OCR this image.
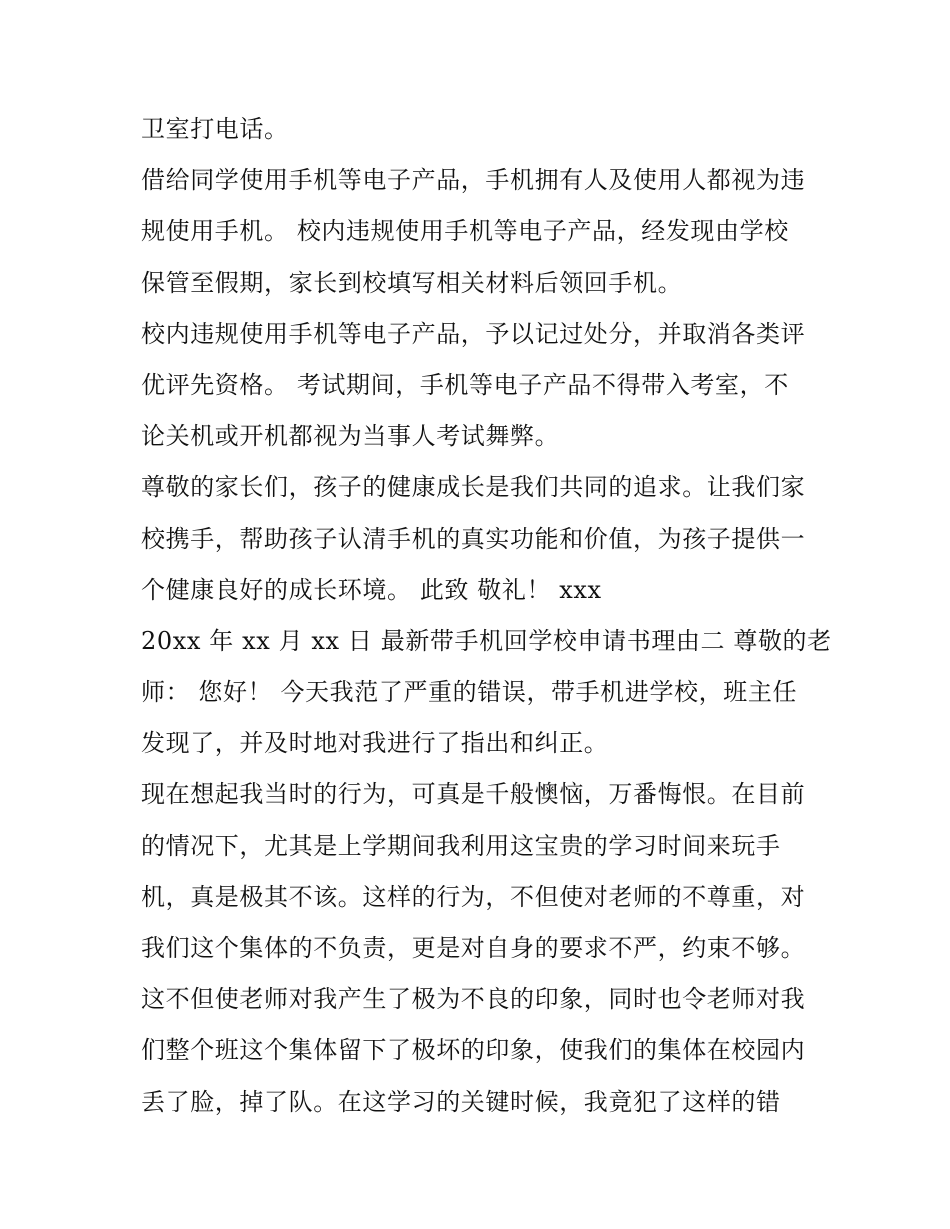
卫室打电话。
借给同学使用手机等电子产品，手机拥有人及使用人都视为违
规使用手机。 校内违规使用手机等电子产品，经发现由学校
保管至假期，家长到校填写相关材料后领回手机。
校内违规使用手机等电子产品，予以记过处分，并取消各类评
优评先资格。 考试期间，手机等电子产品不得带入考室，不
论关机或开机都视为当事人考试舞弊。
尊敬的家长们，孩子的健康成长是我们共同的追求。让我们家
校携手，帮助孩子认清手机的真实功能和价值，为孩子提供一
个健康良好的成长环境。 此致 敬礼！ xxx
20xx 年 xx 月 xx 日 最新带手机回学校申请书理由二 尊敬的老
师： 您好！ 今天我范了严重的错误，带手机进学校，班主任
发现了，并及时地对我进行了指出和纠正。
现在想起我当时的行为，可真是千般懊恼，万番悔恨。在目前
的情况下，尤其是上学期间我利用这宝贵的学习时间来玩手
机，真是极其不该。这样的行为，不但使对老师的不尊重，对
我们这个集体的不负责，更是对自身的要求不严，约束不够。
这不但使老师对我产生了极为不良的印象，同时也令老师对我
们整个班这个集体留下了极坏的印象，使我们的集体在校园内
丢了脸，掉了队。在这学习的关键时候，我竟犯了这样的错
